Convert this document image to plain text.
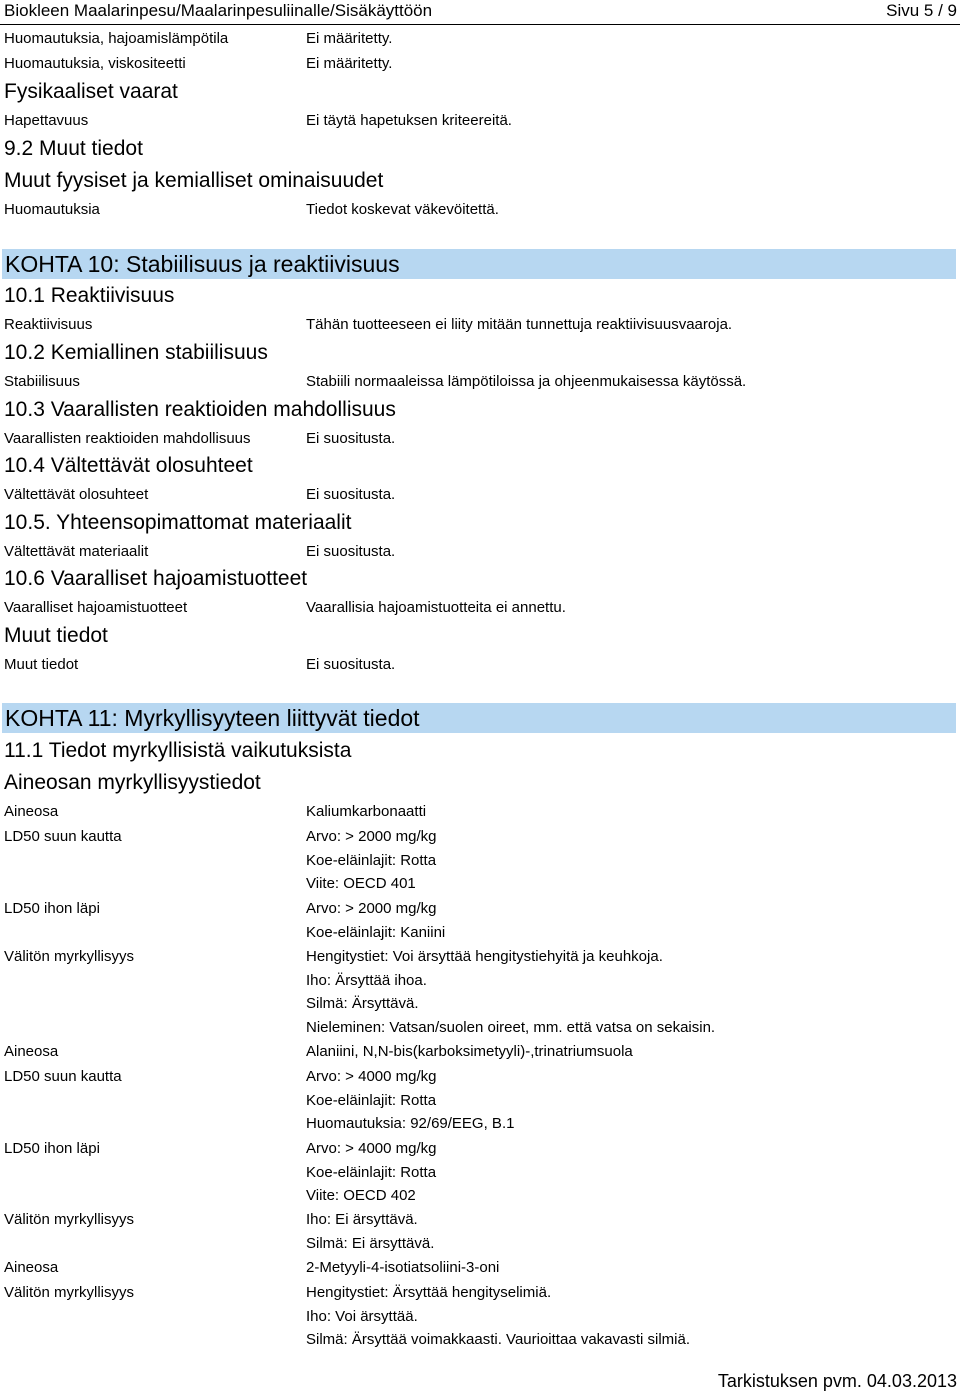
Biokleen Maalarinpesu/Maalarinpesuliinalle/Sisäkäyttöön	Sivu 5 / 9
Huomautuksia, hajoamislämpötila	Ei määritetty.
Huomautuksia, viskositeetti	Ei määritetty.
Fysikaaliset vaarat
Hapettavuus	Ei täytä hapetuksen kriteereitä.
9.2 Muut tiedot
Muut fyysiset ja kemialliset ominaisuudet
Huomautuksia	Tiedot koskevat väkevöitettä.
KOHTA 10: Stabiilisuus ja reaktiivisuus
10.1 Reaktiivisuus
Reaktiivisuus	Tähän tuotteeseen ei liity mitään tunnettuja reaktiivisuusvaaroja.
10.2 Kemiallinen stabiilisuus
Stabiilisuus	Stabiili normaaleissa lämpötiloissa ja ohjeenmukaisessa käytössä.
10.3 Vaarallisten reaktioiden mahdollisuus
Vaarallisten reaktioiden mahdollisuus	Ei suositusta.
10.4 Vältettävät olosuhteet
Vältettävät olosuhteet	Ei suositusta.
10.5. Yhteensopimattomat materiaalit
Vältettävät materiaalit	Ei suositusta.
10.6 Vaaralliset hajoamistuotteet
Vaaralliset hajoamistuotteet	Vaarallisia hajoamistuotteita ei annettu.
Muut tiedot
Muut tiedot	Ei suositusta.
KOHTA 11: Myrkyllisyyteen liittyvät tiedot
11.1 Tiedot myrkyllisistä vaikutuksista
Aineosan myrkyllisyystiedot
Aineosa	Kaliumkarbonaatti
LD50 suun kautta	Arvo: > 2000 mg/kg
Koe-eläinlajit: Rotta
Viite: OECD 401
LD50 ihon läpi	Arvo: > 2000 mg/kg
Koe-eläinlajit: Kaniini
Välitön myrkyllisyys	Hengitystiet: Voi ärsyttää hengitystiehyitä ja keuhkoja.
Iho: Ärsyttää ihoa.
Silmä: Ärsyttävä.
Nieleminen: Vatsan/suolen oireet, mm. että vatsa on sekaisin.
Aineosa	Alaniini, N,N-bis(karboksimetyyli)-,trinatriumsuola
LD50 suun kautta	Arvo: > 4000 mg/kg
Koe-eläinlajit: Rotta
Huomautuksia: 92/69/EEG, B.1
LD50 ihon läpi	Arvo: > 4000 mg/kg
Koe-eläinlajit: Rotta
Viite: OECD 402
Välitön myrkyllisyys	Iho: Ei ärsyttävä.
Silmä: Ei ärsyttävä.
Aineosa	2-Metyyli-4-isotiatsoliini-3-oni
Välitön myrkyllisyys	Hengitystiet: Ärsyttää hengityselimiä.
Iho: Voi ärsyttää.
Silmä: Ärsyttää voimakkaasti. Vaurioittaa vakavasti silmiä.
Tarkistuksen pvm. 04.03.2013
